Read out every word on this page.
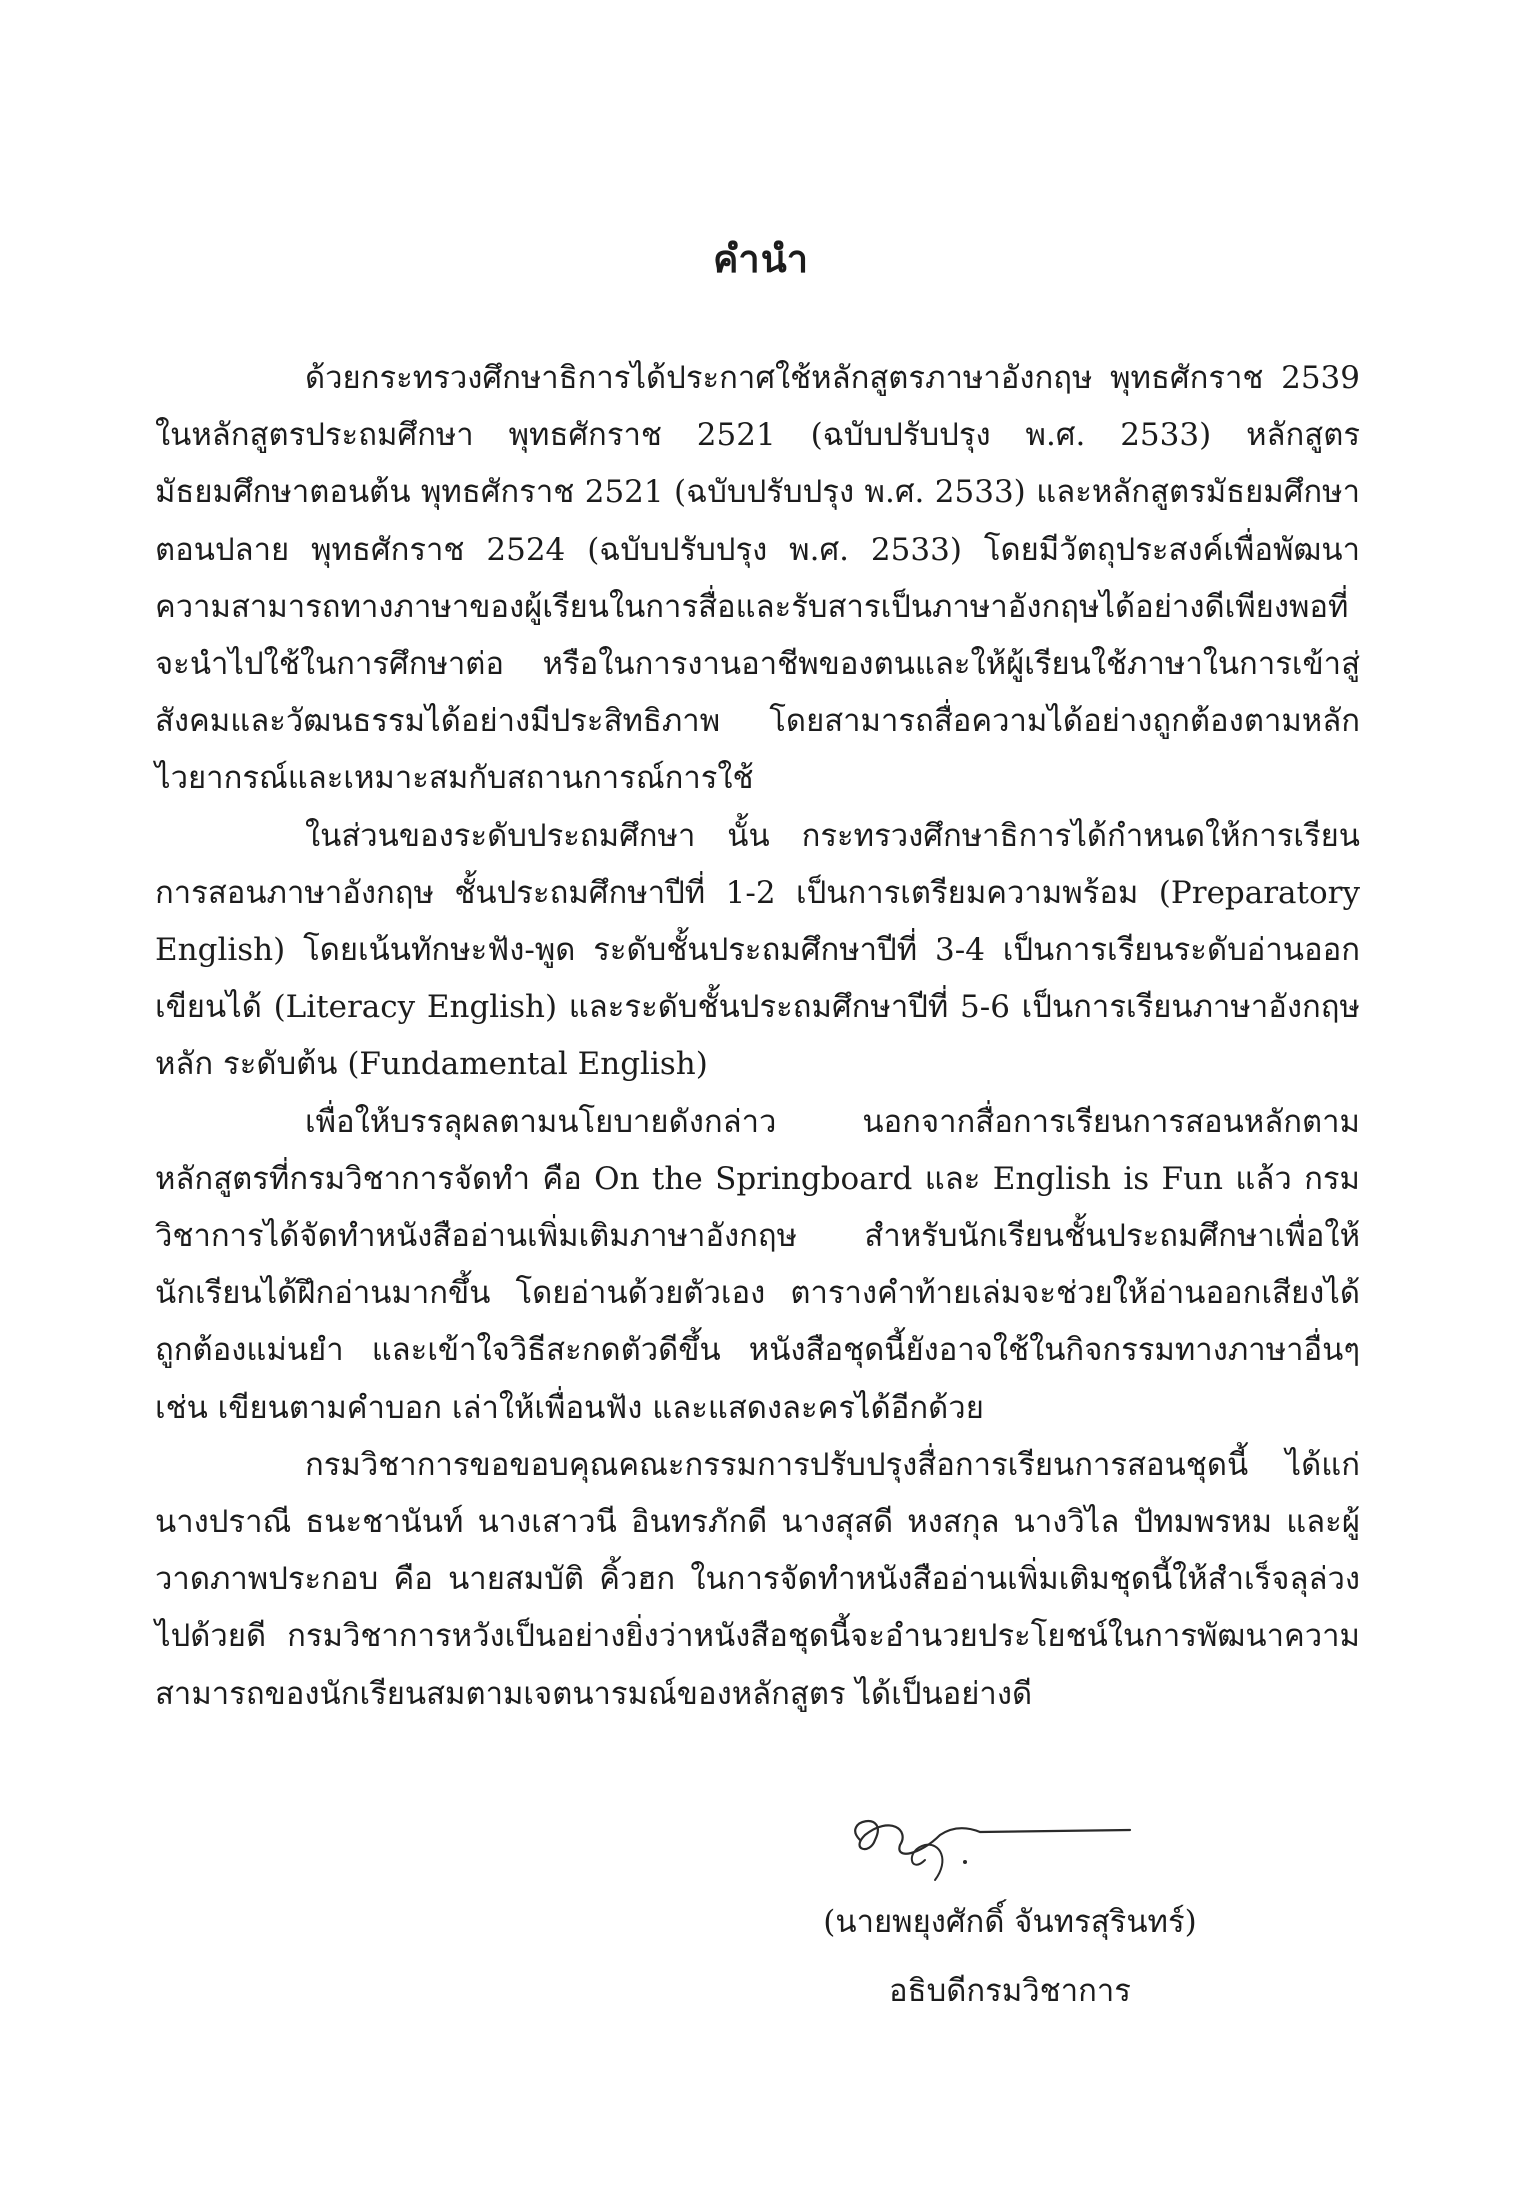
คำนำ

ด้วยกระทรวงศึกษาธิการได้ประกาศใช้หลักสูตรภาษาอังกฤษ พุทธศักราช 2539 ในหลักสูตรประถมศึกษา พุทธศักราช 2521 (ฉบับปรับปรุง พ.ศ. 2533) หลักสูตรมัธยมศึกษาตอนต้น พุทธศักราช 2521 (ฉบับปรับปรุง พ.ศ. 2533) และหลักสูตรมัธยมศึกษาตอนปลาย พุทธศักราช 2524 (ฉบับปรับปรุง พ.ศ. 2533) โดยมีวัตถุประสงค์เพื่อพัฒนาความสามารถทางภาษาของผู้เรียนในการสื่อและรับสารเป็นภาษาอังกฤษได้อย่างดีเพียงพอที่จะนำไปใช้ในการศึกษาต่อ หรือในการงานอาชีพของตนและให้ผู้เรียนใช้ภาษาในการเข้าสู่สังคมและวัฒนธรรมได้อย่างมีประสิทธิภาพ โดยสามารถสื่อความได้อย่างถูกต้องตามหลักไวยากรณ์และเหมาะสมกับสถานการณ์การใช้

ในส่วนของระดับประถมศึกษา นั้น กระทรวงศึกษาธิการได้กำหนดให้การเรียนการสอนภาษาอังกฤษ ชั้นประถมศึกษาปีที่ 1-2 เป็นการเตรียมความพร้อม (Preparatory English) โดยเน้นทักษะฟัง-พูด ระดับชั้นประถมศึกษาปีที่ 3-4 เป็นการเรียนระดับอ่านออกเขียนได้ (Literacy English) และระดับชั้นประถมศึกษาปีที่ 5-6 เป็นการเรียนภาษาอังกฤษหลัก ระดับต้น (Fundamental English)

เพื่อให้บรรลุผลตามนโยบายดังกล่าว นอกจากสื่อการเรียนการสอนหลักตามหลักสูตรที่กรมวิชาการจัดทำ คือ On the Springboard และ English is Fun แล้ว กรมวิชาการได้จัดทำหนังสืออ่านเพิ่มเติมภาษาอังกฤษ สำหรับนักเรียนชั้นประถมศึกษาเพื่อให้นักเรียนได้ฝึกอ่านมากขึ้น โดยอ่านด้วยตัวเอง ตารางคำท้ายเล่มจะช่วยให้อ่านออกเสียงได้ถูกต้องแม่นยำ และเข้าใจวิธีสะกดตัวดีขึ้น หนังสือชุดนี้ยังอาจใช้ในกิจกรรมทางภาษาอื่นๆ เช่น เขียนตามคำบอก เล่าให้เพื่อนฟัง และแสดงละครได้อีกด้วย

กรมวิชาการขอขอบคุณคณะกรรมการปรับปรุงสื่อการเรียนการสอนชุดนี้ ได้แก่นางปราณี ธนะชานันท์ นางเสาวนี อินทรภักดี นางสุสดี หงสกุล นางวิไล ปัทมพรหม และผู้วาดภาพประกอบ คือ นายสมบัติ คิ้วฮก ในการจัดทำหนังสืออ่านเพิ่มเติมชุดนี้ให้สำเร็จลุล่วงไปด้วยดี กรมวิชาการหวังเป็นอย่างยิ่งว่าหนังสือชุดนี้จะอำนวยประโยชน์ในการพัฒนาความสามารถของนักเรียนสมตามเจตนารมณ์ของหลักสูตร ได้เป็นอย่างดี

(นายพยุงศักดิ์ จันทรสุรินทร์)
อธิบดีกรมวิชาการ
